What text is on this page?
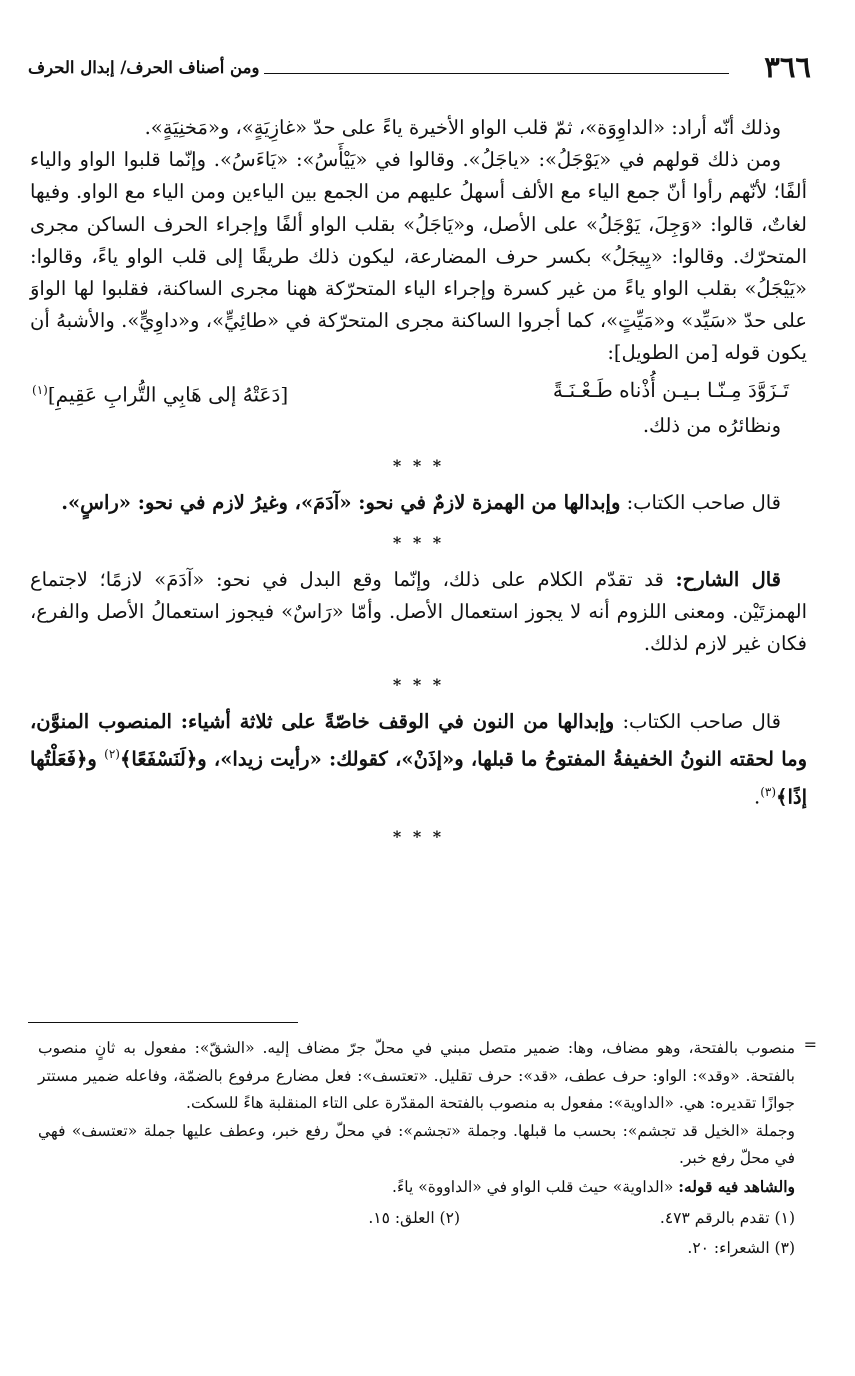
٣٦٦
ومن أصناف الحرف/ إبدال الحرف

وذلك أنّه أراد: «الداوِوَة»، ثمّ قلب الواو الأخيرة ياءً على حدّ «غازِيَةٍ»، و«مَخنِيَةٍ».

ومن ذلك قولهم في «يَوْجَلُ»: «ياجَلُ». وقالوا في «يَيْأَسُ»: «يَاءَسُ». وإنّما قلبوا الواو والياء ألفًا؛ لأنّهم رأوا أنّ جمع الياء مع الألف أسهلُ عليهم من الجمع بين الياءين ومن الياء مع الواو. وفيها لغاتٌ، قالوا: «وَجِلَ، يَوْجَلُ» على الأصل، و«يَاجَلُ» بقلب الواو ألفًا وإجراء الحرف الساكن مجرى المتحرّك. وقالوا: «يِيجَلُ» بكسر حرف المضارعة، ليكون ذلك طريقًا إلى قلب الواو ياءً، وقالوا: «يَيْجَلُ» بقلب الواو ياءً من غير كسرة وإجراء الياء المتحرّكة ههنا مجرى الساكنة، فقلبوا لها الواوَ على حدّ «سَيِّد» و«مَيِّتٍ»، كما أجروا الساكنة مجرى المتحرّكة في «طائِيٍّ»، و«داوِيٍّ». والأشبهُ أن يكون قوله [من الطويل]:

تَـزَوَّدَ مِـنّـا بـيـن أُذْناه طَـعْـنَـةً
[دَعَتْهُ إلى هَابِي التُّرابِ عَقِيمِ]$^{(١)}$

ونظائرُه من ذلك.

* * *

قال صاحب الكتاب: وإبدالها من الهمزة لازمٌ في نحو: «آدَمَ»، وغيرُ لازم في نحو: «راسٍ».

* * *

قال الشارح: قد تقدّم الكلام على ذلك، وإنّما وقع البدل في نحو: «آدَمَ» لازمًا؛ لاجتماع الهمزتَيْن. ومعنى اللزوم أنه لا يجوز استعمال الأصل. وأمّا «رَاسٌ» فيجوز استعمالُ الأصل والفرع، فكان غير لازم لذلك.

* * *

قال صاحب الكتاب: وإبدالها من النون في الوقف خاصّةً على ثلاثة أشياء: المنصوب المنوَّن، وما لحقته النونُ الخفيفةُ المفتوحُ ما قبلها، و«إذَنْ»، كقولك: «رأيت زيدا»، و﴿لَنَسْفَعًا﴾$^{(٢)}$ و﴿فَعَلْتُها إذًا﴾$^{(٣)}$.

* * *
=

منصوب بالفتحة، وهو مضاف، وها: ضمير متصل مبني في محلّ جرّ مضاف إليه. «الشقّ»: مفعول به ثانٍ منصوب بالفتحة. «وقد»: الواو: حرف عطف، «قد»: حرف تقليل. «تعتسف»: فعل مضارع مرفوع بالضمّة، وفاعله ضمير مستتر جوازًا تقديره: هي. «الداوية»: مفعول به منصوب بالفتحة المقدّرة على التاء المنقلبة هاءً للسكت.

وجملة «الخيل قد تجشم»: بحسب ما قبلها. وجملة «تجشم»: في محلّ رفع خبر، وعطف عليها جملة «تعتسف» فهي في محلّ رفع خبر.

والشاهد فيه قوله: «الداوية» حيث قلب الواو في «الداووة» ياءً.

(١) تقدم بالرقم ٤٧٣.
(٢) العلق: ١٥.
(٣) الشعراء: ٢٠.
